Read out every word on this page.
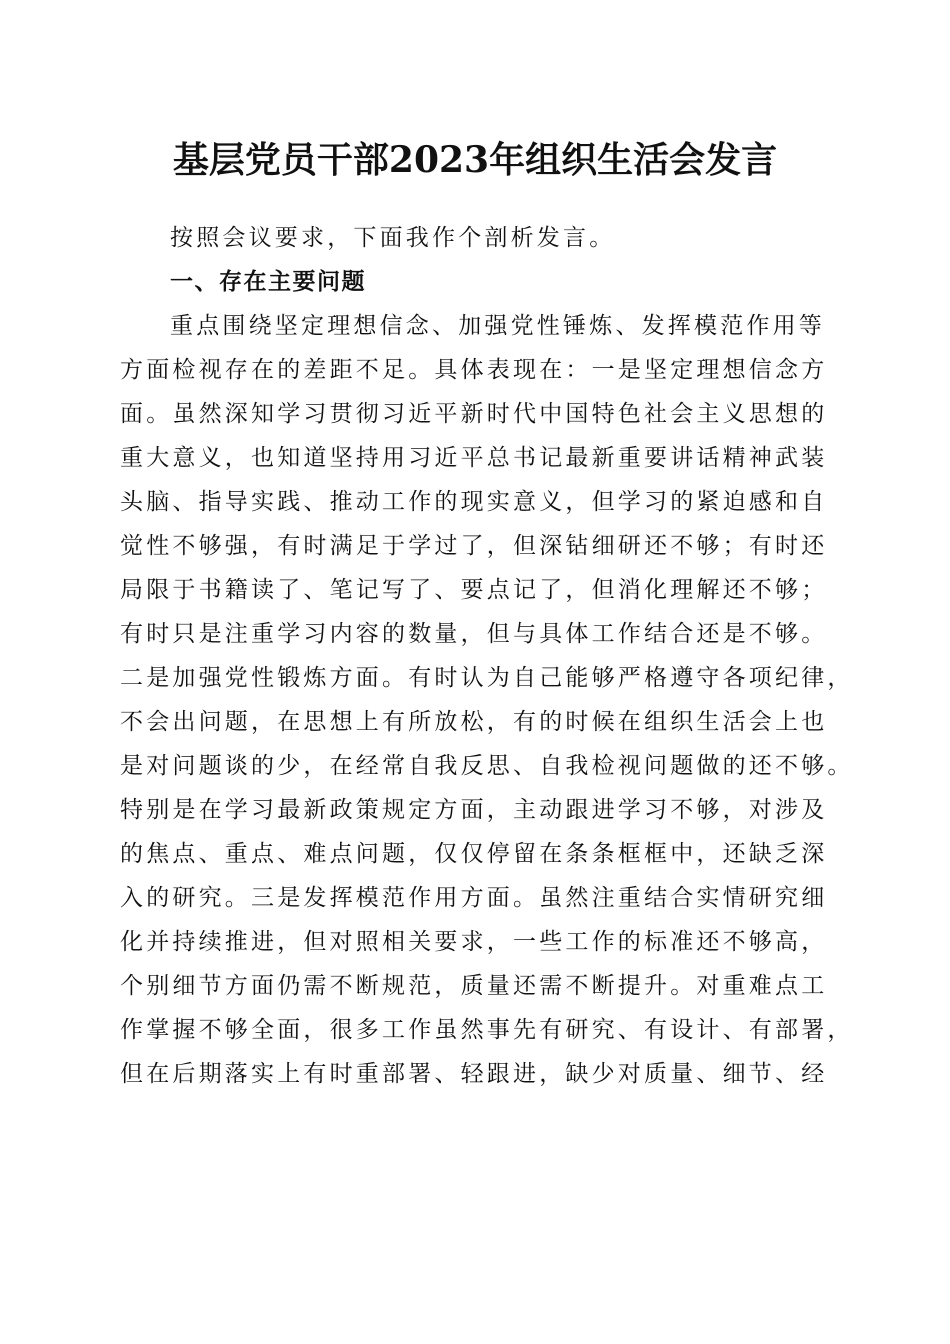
基层党员干部2023年组织生活会发言
按照会议要求，下面我作个剖析发言。
一、存在主要问题
重点围绕坚定理想信念、加强党性锤炼、发挥模范作用等
方面检视存在的差距不足。具体表现在：一是坚定理想信念方
面。虽然深知学习贯彻习近平新时代中国特色社会主义思想的
重大意义，也知道坚持用习近平总书记最新重要讲话精神武装
头脑、指导实践、推动工作的现实意义，但学习的紧迫感和自
觉性不够强，有时满足于学过了，但深钻细研还不够；有时还
局限于书籍读了、笔记写了、要点记了，但消化理解还不够；
有时只是注重学习内容的数量，但与具体工作结合还是不够。
二是加强党性锻炼方面。有时认为自己能够严格遵守各项纪律，
不会出问题，在思想上有所放松，有的时候在组织生活会上也
是对问题谈的少，在经常自我反思、自我检视问题做的还不够。
特别是在学习最新政策规定方面，主动跟进学习不够，对涉及
的焦点、重点、难点问题，仅仅停留在条条框框中，还缺乏深
入的研究。三是发挥模范作用方面。虽然注重结合实情研究细
化并持续推进，但对照相关要求，一些工作的标准还不够高，
个别细节方面仍需不断规范，质量还需不断提升。对重难点工
作掌握不够全面，很多工作虽然事先有研究、有设计、有部署，
但在后期落实上有时重部署、轻跟进，缺少对质量、细节、经
